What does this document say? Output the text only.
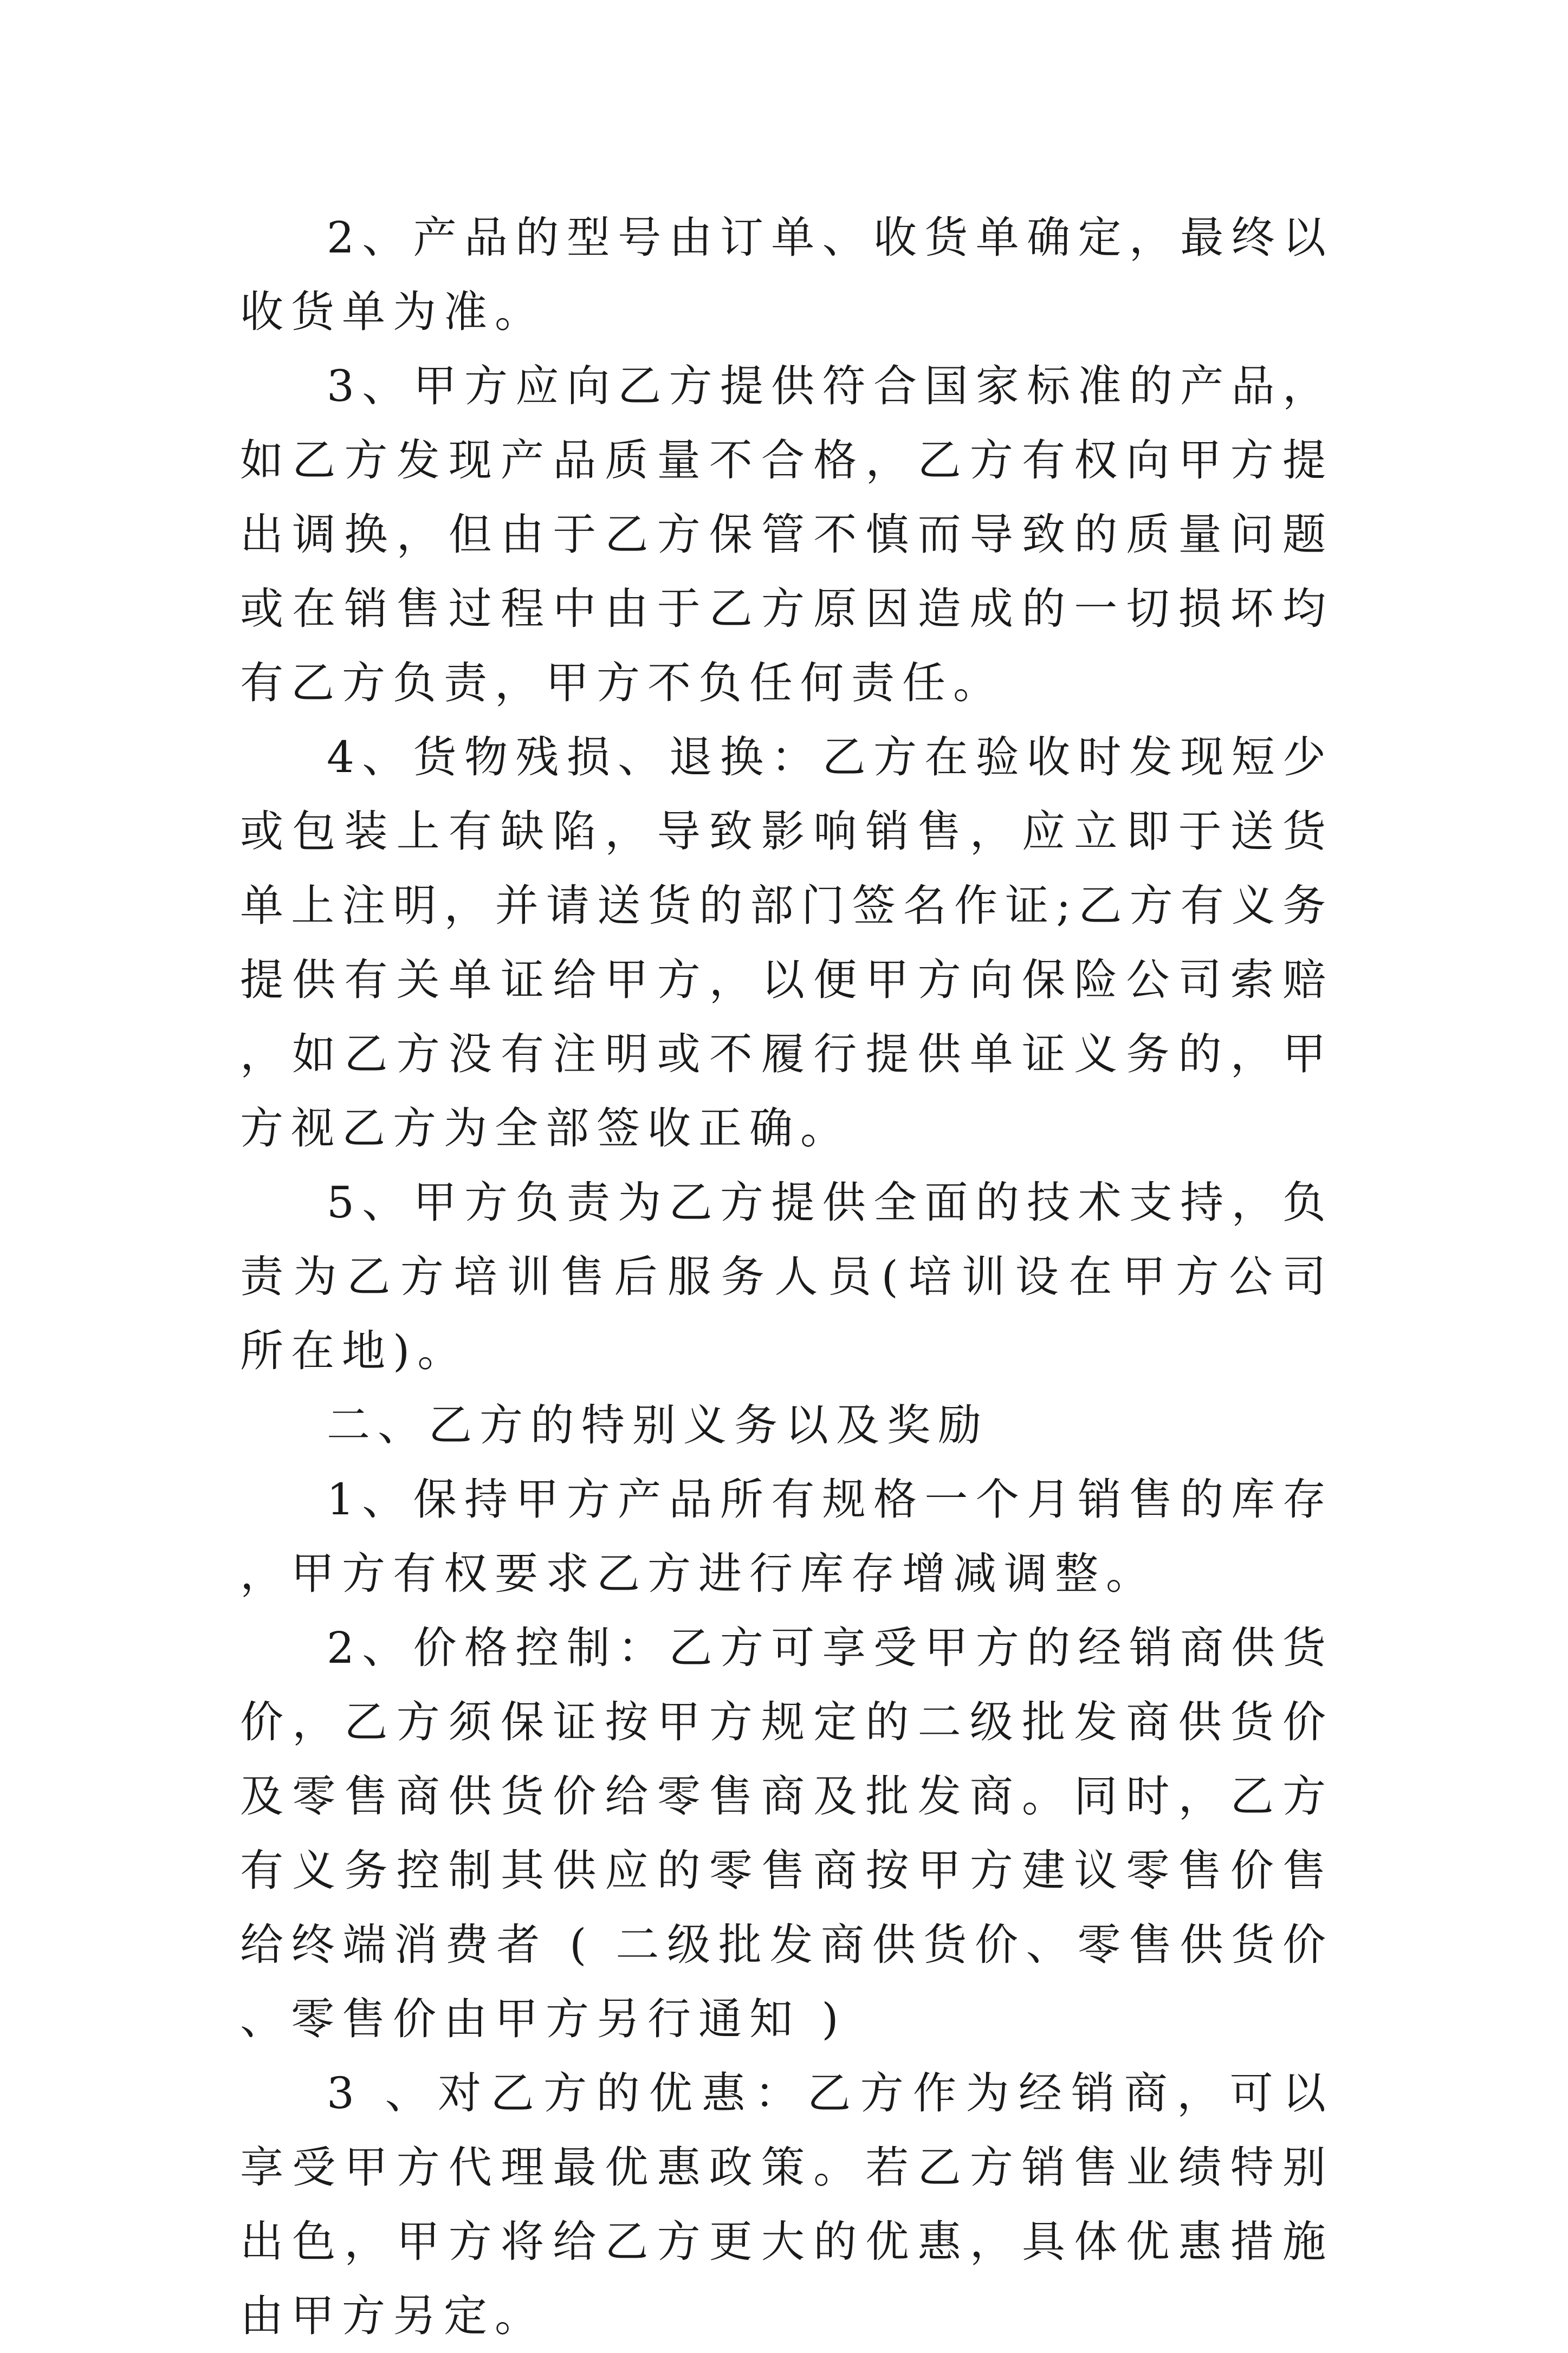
2、产品的型号由订单、收货单确定，最终以收货单为准。

3、甲方应向乙方提供符合国家标准的产品，如乙方发现产品质量不合格，乙方有权向甲方提出调换，但由于乙方保管不慎而导致的质量问题或在销售过程中由于乙方原因造成的一切损坏均有乙方负责，甲方不负任何责任。

4、货物残损、退换：乙方在验收时发现短少或包装上有缺陷，导致影响销售，应立即于送货单上注明，并请送货的部门签名作证;乙方有义务提供有关单证给甲方，以便甲方向保险公司索赔，如乙方没有注明或不履行提供单证义务的，甲方视乙方为全部签收正确。

5、甲方负责为乙方提供全面的技术支持，负责为乙方培训售后服务人员(培训设在甲方公司所在地)。

二、乙方的特别义务以及奖励

1、保持甲方产品所有规格一个月销售的库存，甲方有权要求乙方进行库存增减调整。

2、价格控制：乙方可享受甲方的经销商供货价，乙方须保证按甲方规定的二级批发商供货价及零售商供货价给零售商及批发商。同时，乙方有义务控制其供应的零售商按甲方建议零售价售给终端消费者 ( 二级批发商供货价、零售供货价、零售价由甲方另行通知 )

3 、对乙方的优惠：乙方作为经销商，可以享受甲方代理最优惠政策。若乙方销售业绩特别出色，甲方将给乙方更大的优惠，具体优惠措施由甲方另定。
